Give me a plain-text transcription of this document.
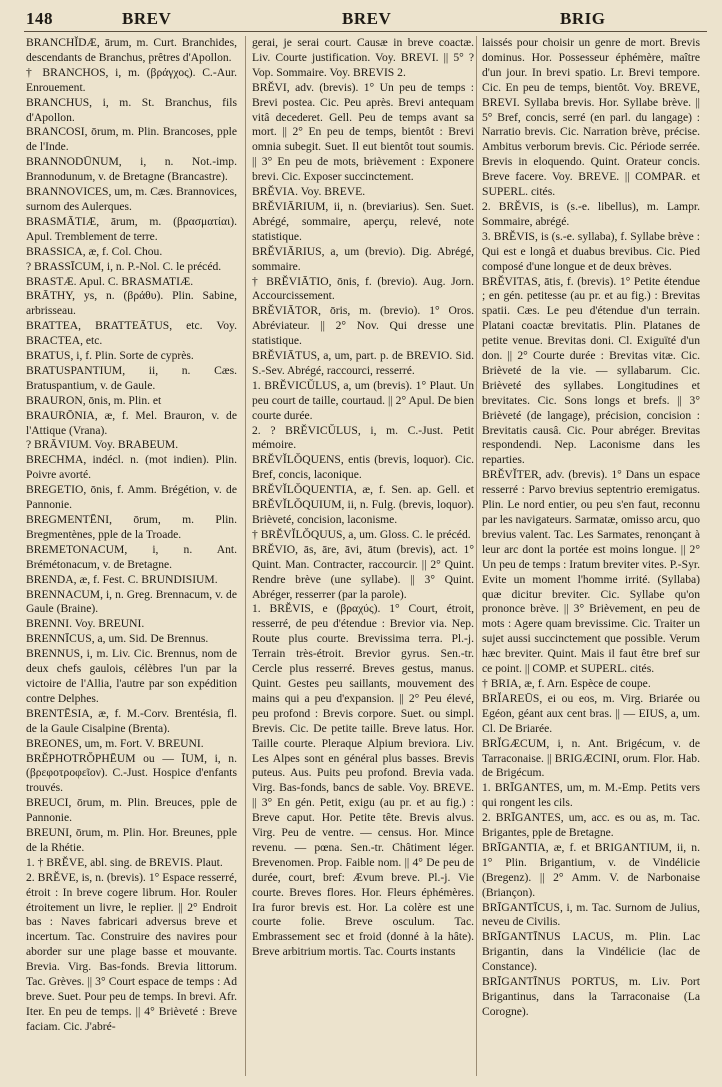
148	BREV	BREV	BRIG

BRANCHĬDÆ, ārum, m. Curt. Branchides, descendants de Branchus, prêtres d'Apollon.

† BRANCHOS, i, m. (βράγχος). C.-Aur. Enrouement.

BRANCHUS, i, m. St. Branchus, fils d'Apollon.

BRANCOSI, ōrum, m. Plin. Brancoses, pple de l'Inde.

BRANNODŪNUM, i, n. Not.-imp. Brannodunum, v. de Bretagne (Brancastre).

BRANNOVICES, um, m. Cæs. Brannovices, surnom des Aulerques.

BRASMĀTIÆ, ārum, m. (βρασματίαι). Apul. Tremblement de terre.

BRASSICA, æ, f. Col. Chou.

? BRASSĪCUM, i, n. P.-Nol. C. le précéd.

BRASTÆ. Apul. C. BRASMATIÆ.

BRĀTHY, ys, n. (βράθυ). Plin. Sabine, arbrisseau.

BRATTEA, BRATTEĀTUS, etc. Voy. BRACTEA, etc.

BRATUS, i, f. Plin. Sorte de cyprès.

BRATUSPANTIUM, ii, n. Cæs. Bratuspantium, v. de Gaule.

BRAURON, ōnis, m. Plin. et

BRAURŌNIA, æ, f. Mel. Brauron, v. de l'Attique (Vrana).

? BRĀVIUM. Voy. BRABEUM.

BRECHMA, indécl. n. (mot indien). Plin. Poivre avorté.

BREGETIO, ōnis, f. Amm. Brégétion, v. de Pannonie.

BREGMENTĒNI, ōrum, m. Plin. Bregmentènes, pple de la Troade.

BREMETONACUM, i, n. Ant. Brémétonacum, v. de Bretagne.

BRENDA, æ, f. Fest. C. BRUNDISIUM.

BRENNACUM, i, n. Greg. Brennacum, v. de Gaule (Braine).

BRENNI. Voy. BREUNI.

BRENNĪCUS, a, um. Sid. De Brennus.

BRENNUS, i, m. Liv. Cic. Brennus, nom de deux chefs gaulois, célèbres l'un par la victoire de l'Allia, l'autre par son expédition contre Delphes.

BRENTĒSIA, æ, f. M.-Corv. Brentésia, fl. de la Gaule Cisalpine (Brenta).

BREONES, um, m. Fort. V. BREUNI.

BRĔPHOTRŎPHĒUM ou — ĪUM, i, n. (βρεφοτροφεῖον). C.-Just. Hospice d'enfants trouvés.

BREUCI, ōrum, m. Plin. Breuces, pple de Pannonie.

BREUNI, ōrum, m. Plin. Hor. Breunes, pple de la Rhétie.

1. † BRĔVE, abl. sing. de BREVIS. Plaut.

2. BRĔVE, is, n. (brevis). 1° Espace resserré, étroit : In breve cogere librum. Hor. Rouler étroitement un livre, le replier. || 2° Endroit bas : Naves fabricari adversus breve et incertum. Tac. Construire des navires pour aborder sur une plage basse et mouvante. Brevia. Virg. Bas-fonds. Brevia littorum. Tac. Grèves. || 3° Court espace de temps : Ad breve. Suet. Pour peu de temps. In brevi. Afr. Iter. En peu de temps. || 4° Brièveté : Breve faciam. Cic. J'abré-

gerai, je serai court. Causæ in breve coactæ. Liv. Courte justification. Voy. BREVI. || 5° ? Vop. Sommaire. Voy. BREVIS 2.

BRĔVI, adv. (brevis). 1° Un peu de temps : Brevi postea. Cic. Peu après. Brevi antequam vitâ decederet. Gell. Peu de temps avant sa mort. || 2° En peu de temps, bientôt : Brevi omnia subegit. Suet. Il eut bientôt tout soumis. || 3° En peu de mots, brièvement : Exponere brevi. Cic. Exposer succinctement.

BRĔVIA. Voy. BREVE.

BRĔVIĀRIUM, ii, n. (breviarius). Sen. Suet. Abrégé, sommaire, aperçu, relevé, note statistique.

BRĔVIĀRIUS, a, um (brevio). Dig. Abrégé, sommaire.

† BRĔVIĀTIO, ōnis, f. (brevio). Aug. Jorn. Accourcissement.

BRĔVIĀTOR, ōris, m. (brevio). 1° Oros. Abréviateur. || 2° Nov. Qui dresse une statistique.

BRĔVIĀTUS, a, um, part. p. de BREVIO. Sid. S.-Sev. Abrégé, raccourci, resserré.

1. BRĔVICŬLUS, a, um (brevis). 1° Plaut. Un peu court de taille, courtaud. || 2° Apul. De bien courte durée.

2. ? BRĔVICŬLUS, i, m. C.-Just. Petit mémoire.

BRĔVĬLŎQUENS, entis (brevis, loquor). Cic. Bref, concis, laconique.

BRĔVĬLŎQUENTIA, æ, f. Sen. ap. Gell. et BRĔVĬLŎQUIUM, ii, n. Fulg. (brevis, loquor). Brièveté, concision, laconisme.

† BRĔVĬLŎQUUS, a, um. Gloss. C. le précéd.

BRĔVIO, ās, āre, āvi, ātum (brevis), act. 1° Quint. Man. Contracter, raccourcir. || 2° Quint. Rendre brève (une syllabe). || 3° Quint. Abréger, resserrer (par la parole).

1. BRĔVIS, e (βραχύς). 1° Court, étroit, resserré, de peu d'étendue : Brevior via. Nep. Route plus courte. Brevissima terra. Pl.-j. Terrain très-étroit. Brevior gyrus. Sen.-tr. Cercle plus resserré. Breves gestus, manus. Quint. Gestes peu saillants, mouvement des mains qui a peu d'expansion. || 2° Peu élevé, peu profond : Brevis corpore. Suet. ou simpl. Brevis. Cic. De petite taille. Breve latus. Hor. Taille courte. Pleraque Alpium breviora. Liv. Les Alpes sont en général plus basses. Brevis puteus. Aus. Puits peu profond. Brevia vada. Virg. Bas-fonds, bancs de sable. Voy. BREVE. || 3° En gén. Petit, exigu (au pr. et au fig.) : Breve caput. Hor. Petite tête. Brevis alvus. Virg. Peu de ventre. — census. Hor. Mince revenu. — pœna. Sen.-tr. Châtiment léger. Brevenomen. Prop. Faible nom. || 4° De peu de durée, court, bref: Ævum breve. Pl.-j. Vie courte. Breves flores. Hor. Fleurs éphémères. Ira furor brevis est. Hor. La colère est une courte folie. Breve osculum. Tac. Embrassement sec et froid (donné à la hâte). Breve arbitrium mortis. Tac. Courts instants

laissés pour choisir un genre de mort. Brevis dominus. Hor. Possesseur éphémère, maître d'un jour. In brevi spatio. Lr. Brevi tempore. Cic. En peu de temps, bientôt. Voy. BREVE, BREVI. Syllaba brevis. Hor. Syllabe brève. || 5° Bref, concis, serré (en parl. du langage) : Narratio brevis. Cic. Narration brève, précise. Ambitus verborum brevis. Cic. Période serrée. Brevis in eloquendo. Quint. Orateur concis. Breve facere. Voy. BREVE. || COMPAR. et SUPERL. cités.

2. BRĔVIS, is (s.-e. libellus), m. Lampr. Sommaire, abrégé.

3. BRĔVIS, is (s.-e. syllaba), f. Syllabe brève : Qui est e longâ et duabus brevibus. Cic. Pied composé d'une longue et de deux brèves.

BRĔVITAS, ātis, f. (brevis). 1° Petite étendue ; en gén. petitesse (au pr. et au fig.) : Brevitas spatii. Cæs. Le peu d'étendue d'un terrain. Platani coactæ brevitatis. Plin. Platanes de petite venue. Brevitas doni. Cl. Exiguïté d'un don. || 2° Courte durée : Brevitas vitæ. Cic. Brièveté de la vie. — syllabarum. Cic. Brièveté des syllabes. Longitudines et brevitates. Cic. Sons longs et brefs. || 3° Brièveté (de langage), précision, concision : Brevitatis causâ. Cic. Pour abréger. Brevitas respondendi. Nep. Laconisme dans les reparties.

BRĔVĬTER, adv. (brevis). 1° Dans un espace resserré : Parvo brevius septentrio eremigatus. Plin. Le nord entier, ou peu s'en faut, reconnu par les navigateurs. Sarmatæ, omisso arcu, quo brevius valent. Tac. Les Sarmates, renonçant à leur arc dont la portée est moins longue. || 2° Un peu de temps : Iratum breviter vites. P.-Syr. Evite un moment l'homme irrité. (Syllaba) quæ dicitur breviter. Cic. Syllabe qu'on prononce brève. || 3° Brièvement, en peu de mots : Agere quam brevissime. Cic. Traiter un sujet aussi succinctement que possible. Verum hæc breviter. Quint. Mais il faut être bref sur ce point. || COMP. et SUPERL. cités.

† BRIA, æ, f. Arn. Espèce de coupe.

BRĬAREŪS, ei ou eos, m. Virg. Briarée ou Egéon, géant aux cent bras. || — EIUS, a, um. Cl. De Briarée.

BRĬGÆCUM, i, n. Ant. Brigécum, v. de Tarraconaise. || BRIGÆCINI, orum. Flor. Hab. de Brigécum.

1. BRĪGANTES, um, m. M.-Emp. Petits vers qui rongent les cils.

2. BRĪGANTES, um, acc. es ou as, m. Tac. Brigantes, pple de Bretagne.

BRĪGANTIA, æ, f. et BRIGANTIUM, ii, n. 1° Plin. Brigantium, v. de Vindélicie (Bregenz). || 2° Amm. V. de Narbonaise (Briançon).

BRĪGANTĪCUS, i, m. Tac. Surnom de Julius, neveu de Civilis.

BRĪGANTĪNUS LACUS, m. Plin. Lac Brigantin, dans la Vindélicie (lac de Constance).

BRĪGANTĪNUS PORTUS, m. Liv. Port Brigantinus, dans la Tarraconaise (La Corogne).
